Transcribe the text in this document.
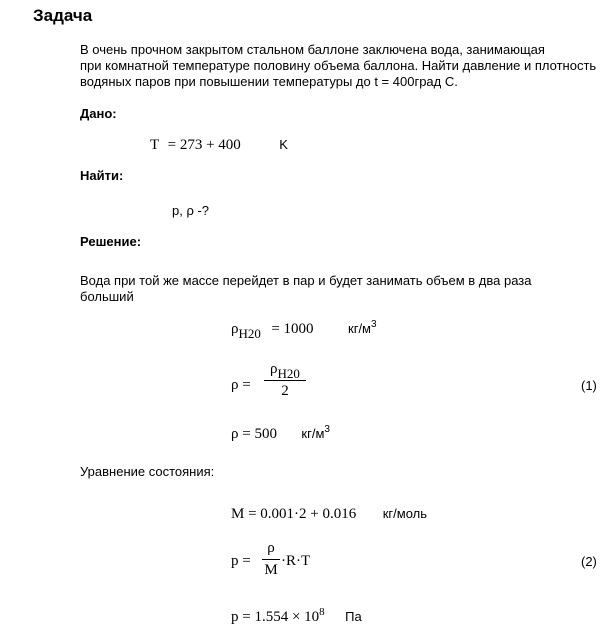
Задача
В очень прочном закрытом стальном баллоне заключена вода, занимающая
при комнатной температуре половину объема баллона. Найти давление и плотность
водяных паров при повышении температуры до t = 400град С.
Дано:
T = 273 + 400	K
Найти:
p, ρ -?
Решение:
Вода при той же массе перейдет в пар и будет занимать объем в два раза
больший
$\rho_{H20} = 1000$	$кг/м^3$
ρ =
$\rho_{H20}$
2	(1)
ρ = 500 $кг/м^3$
Уравнение состояния:
M = 0.001·2 + 0.016 кг/моль
p =
ρ
M
·R·T	(2)
$p = 1.554 \times 10^8$ Па
